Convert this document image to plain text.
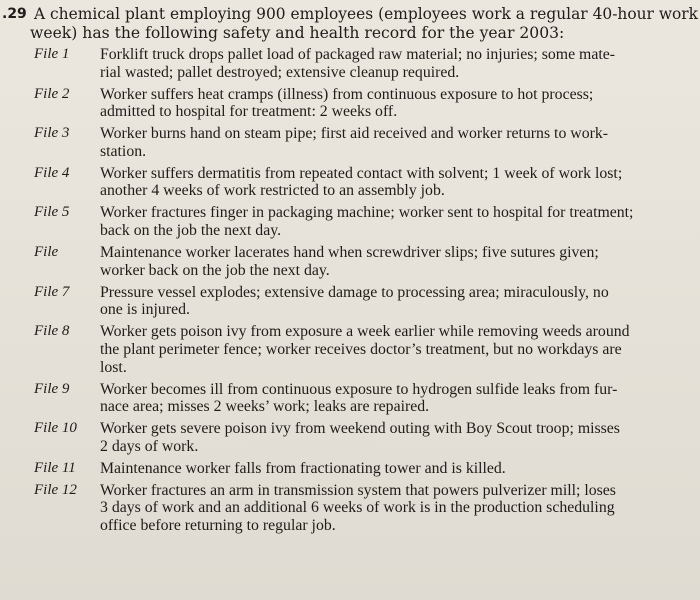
.29 A chemical plant employing 900 employees (employees work a regular 40-hour work
week) has the following safety and health record for the year 2003:
File 1 Forklift truck drops pallet load of packaged raw material; no injuries; some mate-
rial wasted; pallet destroyed; extensive cleanup required.
File 2 Worker suffers heat cramps (illness) from continuous exposure to hot process;
admitted to hospital for treatment: 2 weeks off.
File 3 Worker burns hand on steam pipe; first aid received and worker returns to work-
station.
File 4 Worker suffers dermatitis from repeated contact with solvent; 1 week of work lost;
another 4 weeks of work restricted to an assembly job.
File 5 Worker fractures finger in packaging machine; worker sent to hospital for treatment;
back on the job the next day.
File	Maintenance worker lacerates hand when screwdriver slips; five sutures given;
worker back on the job the next day.
File 7 Pressure vessel explodes; extensive damage to processing area; miraculously, no
one is injured.
File 8 Worker gets poison ivy from exposure a week earlier while removing weeds around
the plant perimeter fence; worker receives doctor’s treatment, but no workdays are
lost.
File 9 Worker becomes ill from continuous exposure to hydrogen sulfide leaks from fur-
nace area; misses 2 weeks’ work; leaks are repaired.
File 10 Worker gets severe poison ivy from weekend outing with Boy Scout troop; misses
2 days of work.
File 11 Maintenance worker falls from fractionating tower and is killed.
File 12 Worker fractures an arm in transmission system that powers pulverizer mill; loses
3 days of work and an additional 6 weeks of work is in the production scheduling
office before returning to regular job.
